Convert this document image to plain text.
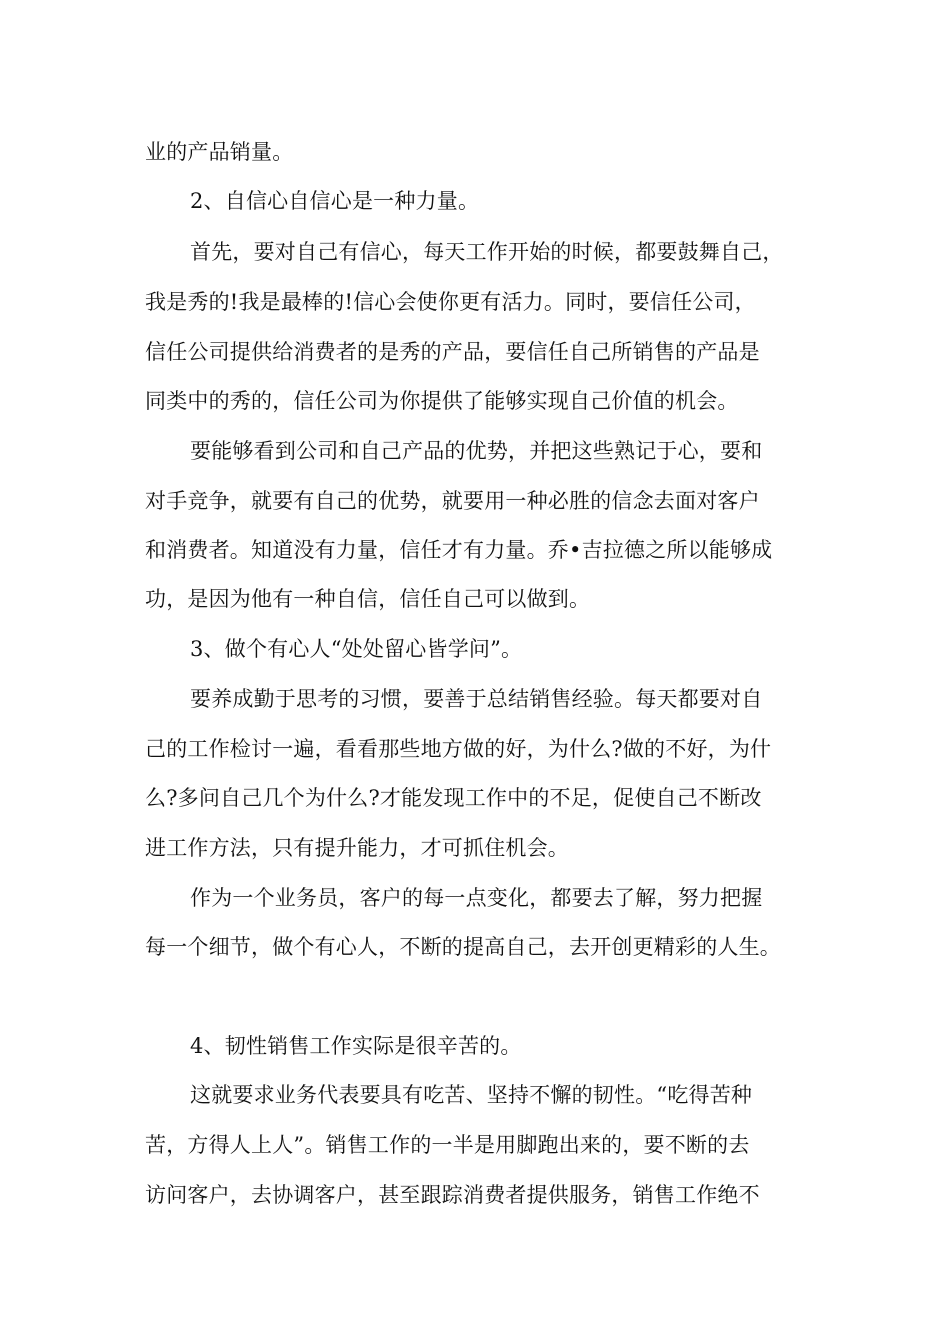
业的产品销量。

2、自信心自信心是一种力量。

首先，要对自己有信心，每天工作开始的时候，都要鼓舞自己，

我是秀的!我是最棒的!信心会使你更有活力。同时，要信任公司，

信任公司提供给消费者的是秀的产品，要信任自己所销售的产品是

同类中的秀的，信任公司为你提供了能够实现自己价值的机会。

要能够看到公司和自己产品的优势，并把这些熟记于心，要和

对手竞争，就要有自己的优势，就要用一种必胜的信念去面对客户

和消费者。知道没有力量，信任才有力量。乔•吉拉德之所以能够成

功，是因为他有一种自信，信任自己可以做到。

3、做个有心人“处处留心皆学问”。

要养成勤于思考的习惯，要善于总结销售经验。每天都要对自

己的工作检讨一遍，看看那些地方做的好，为什么?做的不好，为什

么?多问自己几个为什么?才能发现工作中的不足，促使自己不断改

进工作方法，只有提升能力，才可抓住机会。

作为一个业务员，客户的每一点变化，都要去了解，努力把握

每一个细节，做个有心人，不断的提高自己，去开创更精彩的人生。

4、韧性销售工作实际是很辛苦的。

这就要求业务代表要具有吃苦、坚持不懈的韧性。“吃得苦种

苦，方得人上人”。销售工作的一半是用脚跑出来的，要不断的去

访问客户，去协调客户，甚至跟踪消费者提供服务，销售工作绝不
